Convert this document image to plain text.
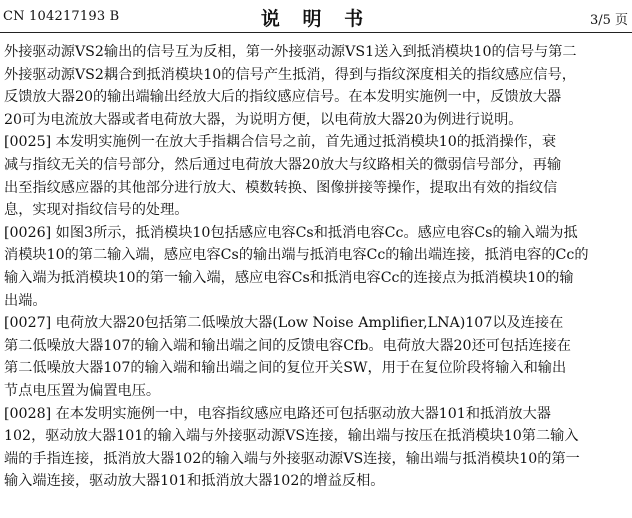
CN 104217193 B	说 明 书	3/5 页
外接驱动源VS2输出的信号互为反相，第一外接驱动源VS1送入到抵消模块10的信号与第二
外接驱动源VS2耦合到抵消模块10的信号产生抵消，得到与指纹深度相关的指纹感应信号，
反馈放大器20的输出端输出经放大后的指纹感应信号。在本发明实施例一中，反馈放大器
20可为电流放大器或者电荷放大器，为说明方便，以电荷放大器20为例进行说明。
[0025] 本发明实施例一在放大手指耦合信号之前，首先通过抵消模块10的抵消操作，衰
减与指纹无关的信号部分，然后通过电荷放大器20放大与纹路相关的微弱信号部分，再输
出至指纹感应器的其他部分进行放大、模数转换、图像拼接等操作，提取出有效的指纹信
息，实现对指纹信号的处理。
[0026] 如图3所示，抵消模块10包括感应电容Cs和抵消电容Cc。感应电容Cs的输入端为抵
消模块10的第二输入端，感应电容Cs的输出端与抵消电容Cc的输出端连接，抵消电容的Cc的
输入端为抵消模块10的第一输入端，感应电容Cs和抵消电容Cc的连接点为抵消模块10的输
出端。
[0027] 电荷放大器20包括第二低噪放大器(Low Noise Amplifier,LNA)107以及连接在
第二低噪放大器107的输入端和输出端之间的反馈电容Cfb。电荷放大器20还可包括连接在
第二低噪放大器107的输入端和输出端之间的复位开关SW，用于在复位阶段将输入和输出
节点电压置为偏置电压。
[0028] 在本发明实施例一中，电容指纹感应电路还可包括驱动放大器101和抵消放大器
102，驱动放大器101的输入端与外接驱动源VS连接，输出端与按压在抵消模块10第二输入
端的手指连接，抵消放大器102的输入端与外接驱动源VS连接，输出端与抵消模块10的第一
输入端连接，驱动放大器101和抵消放大器102的增益反相。
